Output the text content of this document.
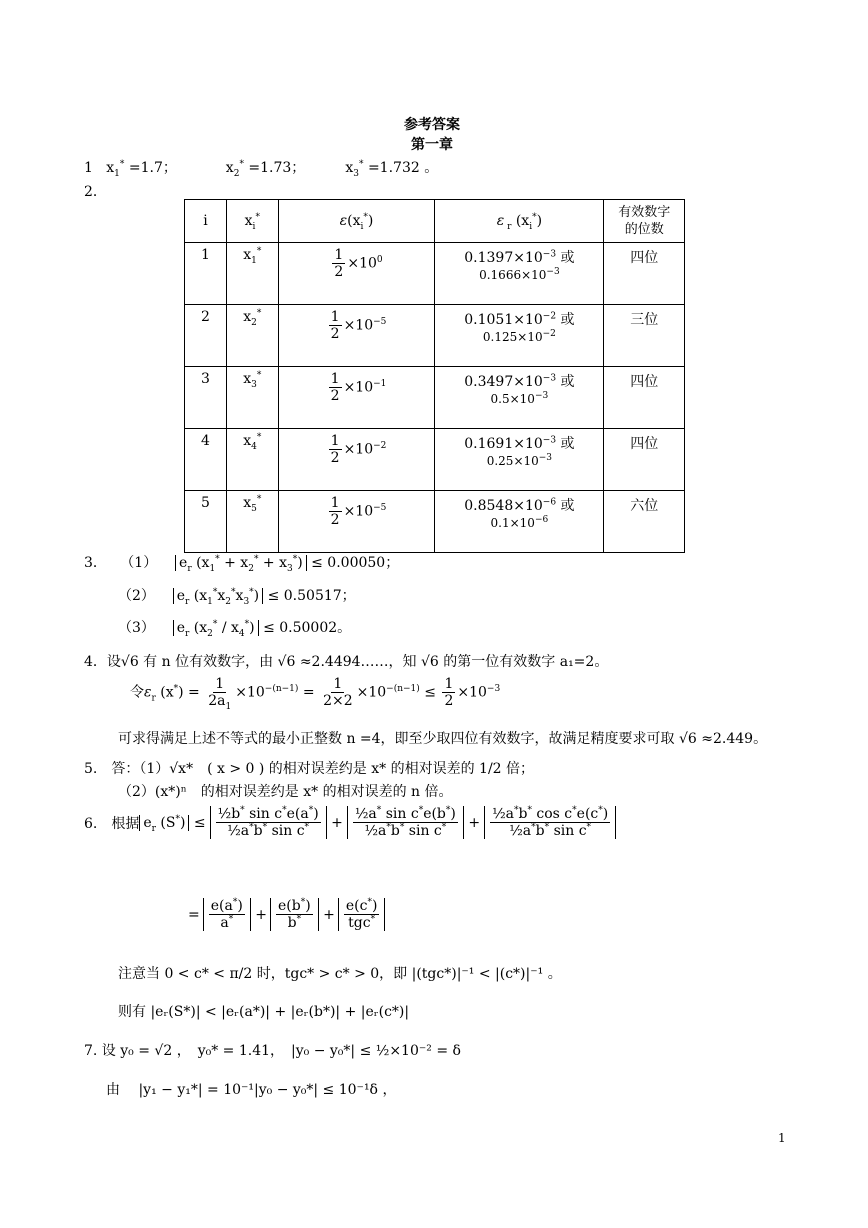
参考答案
第一章
1   $x_1^* =1.7$；           $x_2^* =1.73$；         $x_3^* =1.732$ 。
2．
i	$x_i^*$	$\varepsilon(x_i^*)$	ε $_r$ $(x_i^*)$	有效数字
的位数
1	$x_1^*$	$\frac{1}{2} \times 10^0$	$0.1397\times 10^{-3}$ 或
$0.1666\times 10^{-3}$	四位
2	$x_2^*$	$\frac{1}{2} \times 10^{-5}$	$0.1051\times 10^{-2}$ 或
$0.125\times 10^{-2}$	三位
3	$x_3^*$	$\frac{1}{2} \times 10^{-1}$	$0.3497\times 10^{-3}$ 或
$0.5\times 10^{-3}$	四位
4	$x_4^*$	$\frac{1}{2} \times 10^{-2}$	$0.1691\times 10^{-3}$ 或
$0.25\times 10^{-3}$	四位
5	$x_5^*$	$\frac{1}{2} \times 10^{-5}$	$0.8548\times 10^{-6}$ 或
$0.1\times 10^{-6}$	六位
3． （1） $e_r$ $(x_1^* + x_2^* + x_3^*) \le 0.00050$；
（2） $e_r$ $(x_1^*x_2^*x_3^*) \le 0.50517$；
（3） $e_r$ $(x_2^* / x_4^*) \le 0.50002$。
4．设√6 有 n 位有效数字，由 √6 ≈2.4494……，知 √6 的第一位有效数字 a₁=2。
令$\varepsilon_r$ $(x^*) = \frac{1}{2a_1} \times 10^{-(n-1)} = \frac{1}{2\times 2} \times 10^{-(n-1)} \le \frac{1}{2} \times 10^{-3}$
可求得满足上述不等式的最小正整数 n =4，即至少取四位有效数字，故满足精度要求可取 √6 ≈2.449。
5.　答：（1）√x*　( x > 0 ) 的相对误差约是 x* 的相对误差的 1/2 倍；
（2）(x*)ⁿ　的相对误差约是 x* 的相对误差的 n 倍。
6.　根据 $e_r$ $(S^*) \le \frac{\frac{1}{2}b^* \sin c^*e(a^*)}{\frac{1}{2}a^*b^* \sin c^*} + \frac{\frac{1}{2}a^* \sin c^*e(b^*)}{\frac{1}{2}a^*b^* \sin c^*} + \frac{\frac{1}{2}a^*b^* \cos c^*e(c^*)}{\frac{1}{2}a^*b^* \sin c^*}$
= $\frac{e(a^*)}{a^*} + \frac{e(b^*)}{b^*} + \frac{e(c^*)}{tgc^*}$
注意当 0 < c* < π/2 时，tgc* > c* > 0，即 |(tgc*)|⁻¹ < |(c*)|⁻¹ 。
则有 |eᵣ(S*)| < |eᵣ(a*)| + |eᵣ(b*)| + |eᵣ(c*)|
7. 设 y₀ = √2 ，　y₀* = 1.41，　|y₀ − y₀*| ≤ ½×10⁻² = δ
由　 |y₁ − y₁*| = 10⁻¹|y₀ − y₀*| ≤ 10⁻¹δ ，
1
